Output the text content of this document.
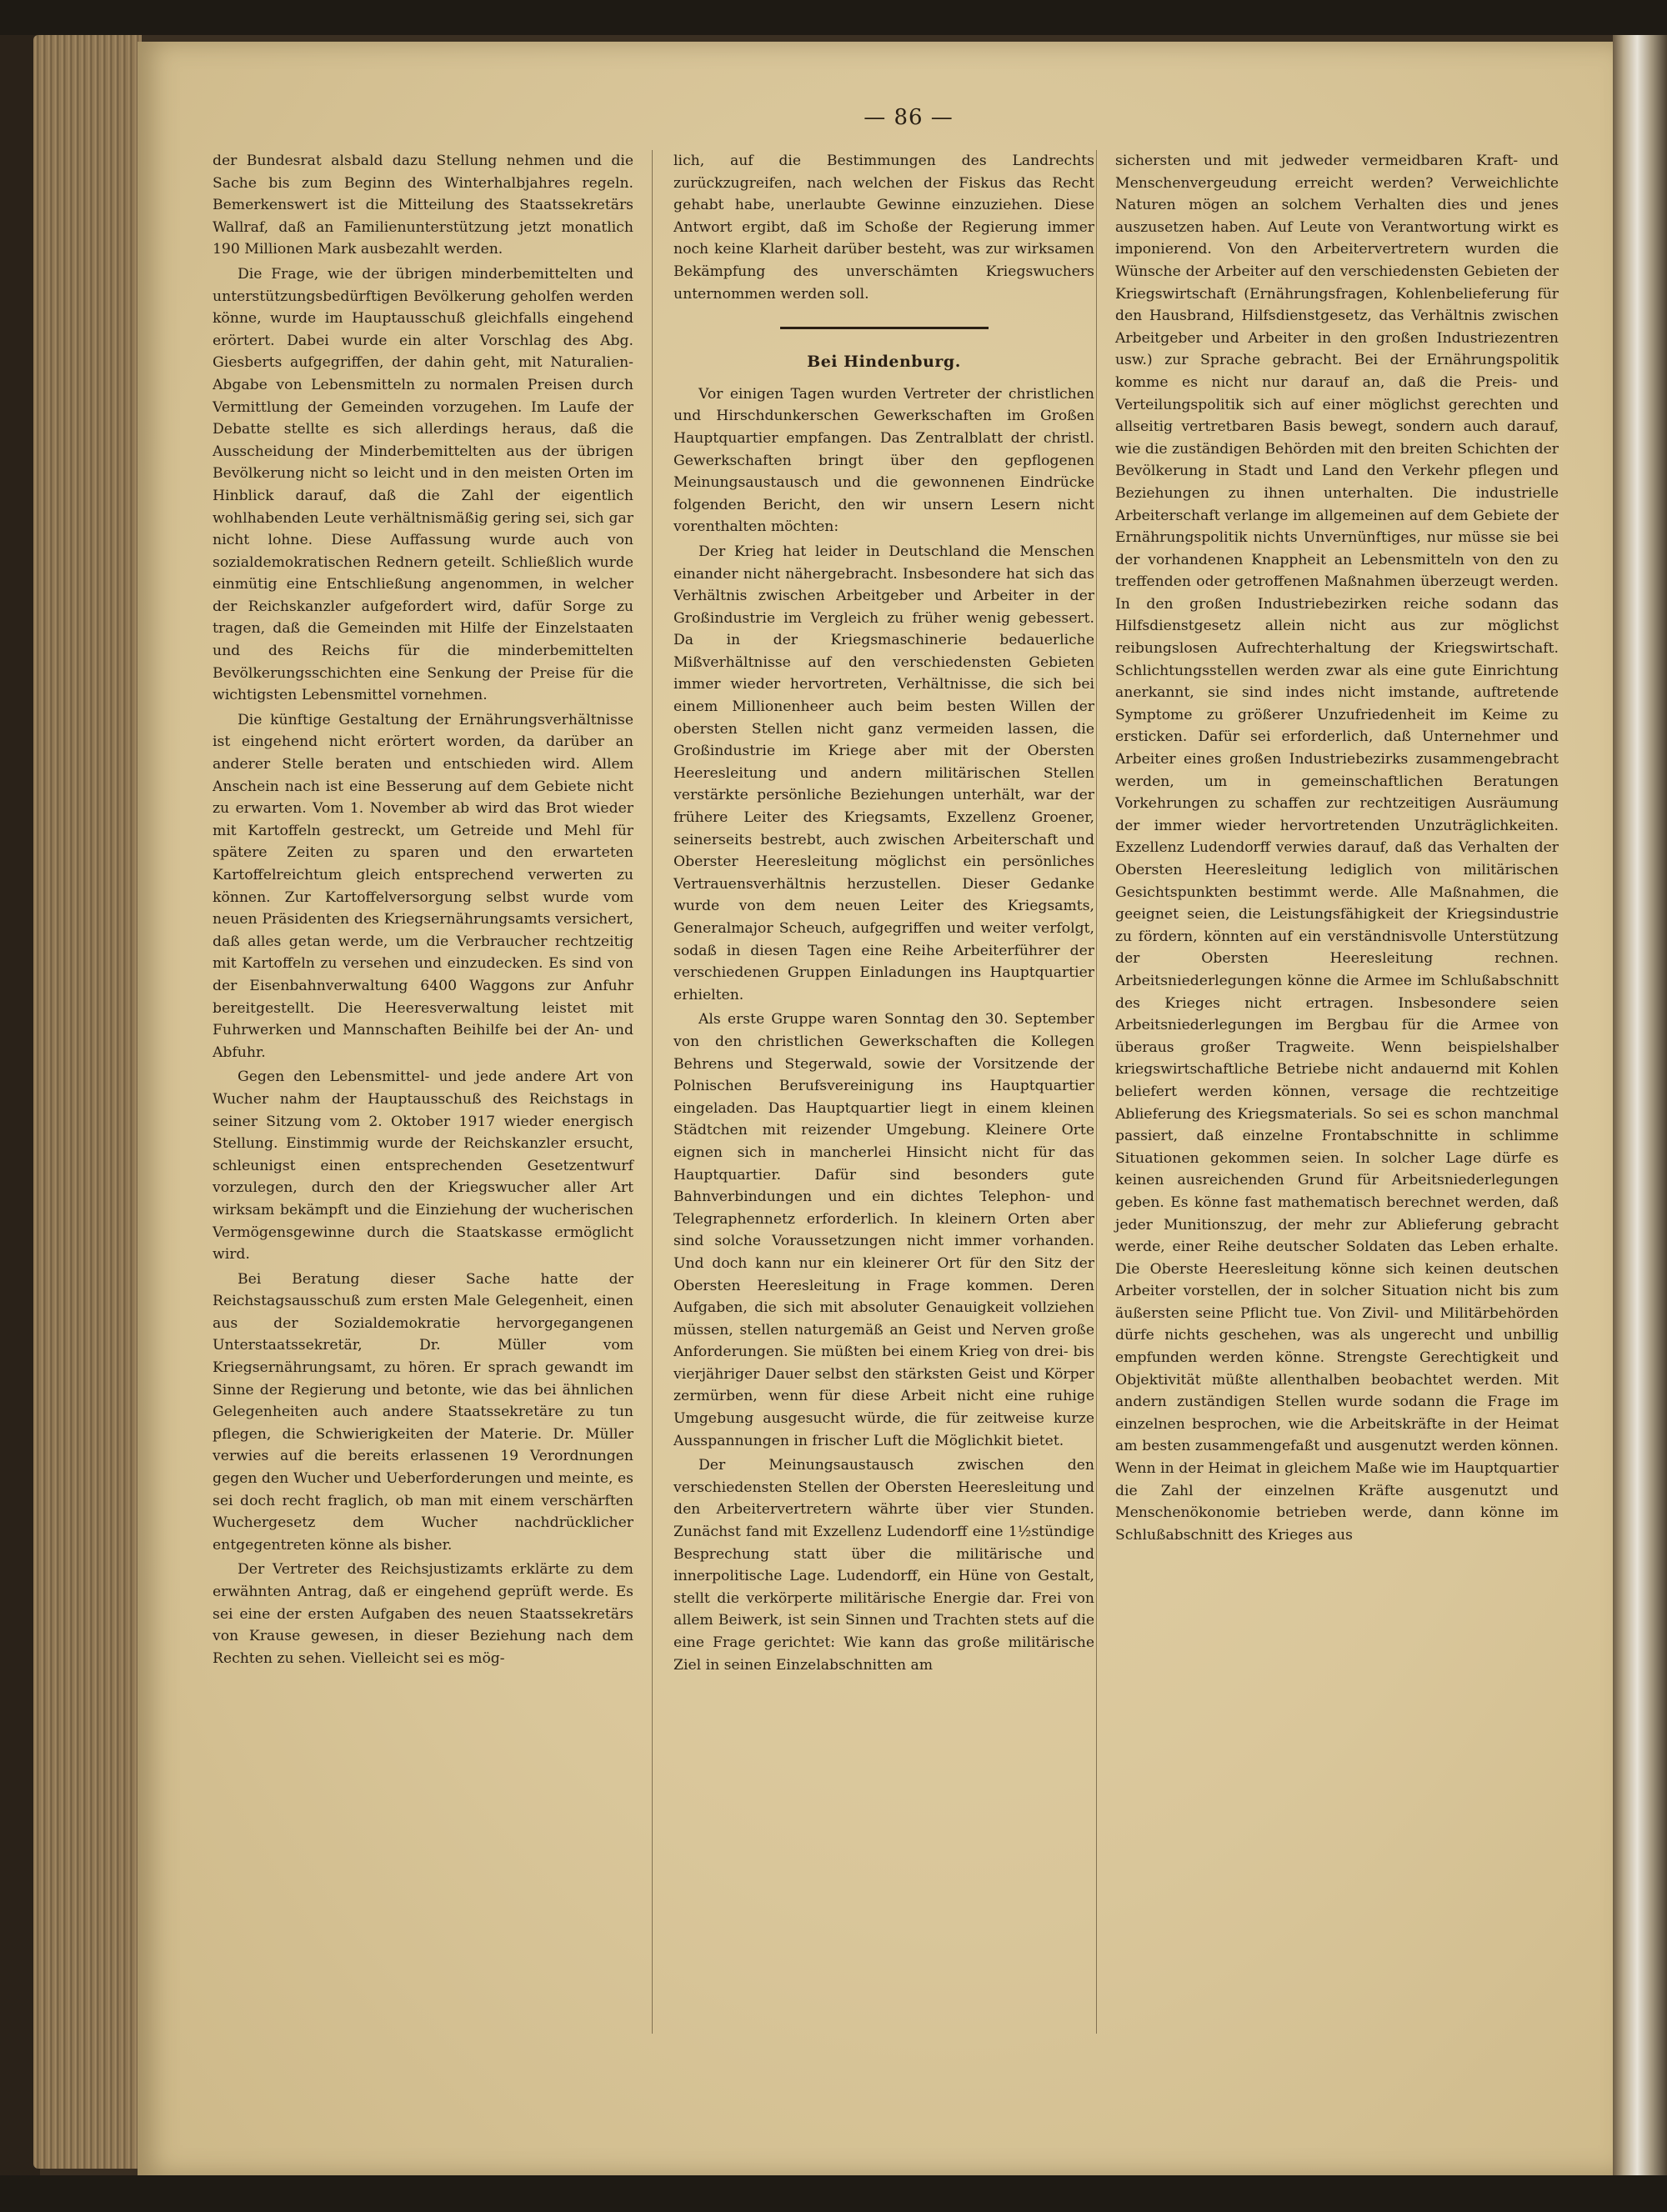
— 86 —

der Bundesrat alsbald dazu Stellung nehmen und die Sache bis zum Beginn des Winterhalbjahres regeln. Bemerkenswert ist die Mitteilung des Staatssekretärs Wallraf, daß an Familienunterstützung jetzt monatlich 190 Millionen Mark ausbezahlt werden.

Die Frage, wie der übrigen minderbemittelten und unterstützungsbedürftigen Bevölkerung geholfen werden könne, wurde im Hauptausschuß gleichfalls eingehend erörtert. Dabei wurde ein alter Vorschlag des Abg. Giesberts aufgegriffen, der dahin geht, mit Naturalien-Abgabe von Lebensmitteln zu normalen Preisen durch Vermittlung der Gemeinden vorzugehen. Im Laufe der Debatte stellte es sich allerdings heraus, daß die Ausscheidung der Minderbemittelten aus der übrigen Bevölkerung nicht so leicht und in den meisten Orten im Hinblick darauf, daß die Zahl der eigentlich wohlhabenden Leute verhältnismäßig gering sei, sich gar nicht lohne. Diese Auffassung wurde auch von sozialdemokratischen Rednern geteilt. Schließlich wurde einmütig eine Entschließung angenommen, in welcher der Reichskanzler aufgefordert wird, dafür Sorge zu tragen, daß die Gemeinden mit Hilfe der Einzelstaaten und des Reichs für die minderbemittelten Bevölkerungsschichten eine Senkung der Preise für die wichtigsten Lebensmittel vornehmen.

Die künftige Gestaltung der Ernährungsverhältnisse ist eingehend nicht erörtert worden, da darüber an anderer Stelle beraten und entschieden wird. Allem Anschein nach ist eine Besserung auf dem Gebiete nicht zu erwarten. Vom 1. November ab wird das Brot wieder mit Kartoffeln gestreckt, um Getreide und Mehl für spätere Zeiten zu sparen und den erwarteten Kartoffelreichtum gleich entsprechend verwerten zu können. Zur Kartoffelversorgung selbst wurde vom neuen Präsidenten des Kriegsernährungsamts versichert, daß alles getan werde, um die Verbraucher rechtzeitig mit Kartoffeln zu versehen und einzudecken. Es sind von der Eisenbahnverwaltung 6400 Waggons zur Anfuhr bereitgestellt. Die Heeresverwaltung leistet mit Fuhrwerken und Mannschaften Beihilfe bei der An- und Abfuhr.

Gegen den Lebensmittel- und jede andere Art von Wucher nahm der Hauptausschuß des Reichstags in seiner Sitzung vom 2. Oktober 1917 wieder energisch Stellung. Einstimmig wurde der Reichskanzler ersucht, schleunigst einen entsprechenden Gesetzentwurf vorzulegen, durch den der Kriegswucher aller Art wirksam bekämpft und die Einziehung der wucherischen Vermögensgewinne durch die Staatskasse ermöglicht wird.

Bei Beratung dieser Sache hatte der Reichstagsausschuß zum ersten Male Gelegenheit, einen aus der Sozialdemokratie hervorgegangenen Unterstaatssekretär, Dr. Müller vom Kriegsernährungsamt, zu hören. Er sprach gewandt im Sinne der Regierung und betonte, wie das bei ähnlichen Gelegenheiten auch andere Staatssekretäre zu tun pflegen, die Schwierigkeiten der Materie. Dr. Müller verwies auf die bereits erlassenen 19 Verordnungen gegen den Wucher und Ueberforderungen und meinte, es sei doch recht fraglich, ob man mit einem verschärften Wuchergesetz dem Wucher nachdrücklicher entgegentreten könne als bisher.

Der Vertreter des Reichsjustizamts erklärte zu dem erwähnten Antrag, daß er eingehend geprüft werde. Es sei eine der ersten Aufgaben des neuen Staatssekretärs von Krause gewesen, in dieser Beziehung nach dem Rechten zu sehen. Vielleicht sei es mög-

lich, auf die Bestimmungen des Landrechts zurückzugreifen, nach welchen der Fiskus das Recht gehabt habe, unerlaubte Gewinne einzuziehen. Diese Antwort ergibt, daß im Schoße der Regierung immer noch keine Klarheit darüber besteht, was zur wirksamen Bekämpfung des unverschämten Kriegswuchers unternommen werden soll.

Bei Hindenburg.

Vor einigen Tagen wurden Vertreter der christlichen und Hirschdunkerschen Gewerkschaften im Großen Hauptquartier empfangen. Das Zentralblatt der christl. Gewerkschaften bringt über den gepflogenen Meinungsaustausch und die gewonnenen Eindrücke folgenden Bericht, den wir unsern Lesern nicht vorenthalten möchten:

Der Krieg hat leider in Deutschland die Menschen einander nicht nähergebracht. Insbesondere hat sich das Verhältnis zwischen Arbeitgeber und Arbeiter in der Großindustrie im Vergleich zu früher wenig gebessert. Da in der Kriegsmaschinerie bedauerliche Mißverhältnisse auf den verschiedensten Gebieten immer wieder hervortreten, Verhältnisse, die sich bei einem Millionenheer auch beim besten Willen der obersten Stellen nicht ganz vermeiden lassen, die Großindustrie im Kriege aber mit der Obersten Heeresleitung und andern militärischen Stellen verstärkte persönliche Beziehungen unterhält, war der frühere Leiter des Kriegsamts, Exzellenz Groener, seinerseits bestrebt, auch zwischen Arbeiterschaft und Oberster Heeresleitung möglichst ein persönliches Vertrauensverhältnis herzustellen. Dieser Gedanke wurde von dem neuen Leiter des Kriegsamts, Generalmajor Scheuch, aufgegriffen und weiter verfolgt, sodaß in diesen Tagen eine Reihe Arbeiterführer der verschiedenen Gruppen Einladungen ins Hauptquartier erhielten.

Als erste Gruppe waren Sonntag den 30. September von den christlichen Gewerkschaften die Kollegen Behrens und Stegerwald, sowie der Vorsitzende der Polnischen Berufsvereinigung ins Hauptquartier eingeladen. Das Hauptquartier liegt in einem kleinen Städtchen mit reizender Umgebung. Kleinere Orte eignen sich in mancherlei Hinsicht nicht für das Hauptquartier. Dafür sind besonders gute Bahnverbindungen und ein dichtes Telephon- und Telegraphennetz erforderlich. In kleinern Orten aber sind solche Voraussetzungen nicht immer vorhanden. Und doch kann nur ein kleinerer Ort für den Sitz der Obersten Heeresleitung in Frage kommen. Deren Aufgaben, die sich mit absoluter Genauigkeit vollziehen müssen, stellen naturgemäß an Geist und Nerven große Anforderungen. Sie müßten bei einem Krieg von drei- bis vierjähriger Dauer selbst den stärksten Geist und Körper zermürben, wenn für diese Arbeit nicht eine ruhige Umgebung ausgesucht würde, die für zeitweise kurze Ausspannungen in frischer Luft die Möglichkit bietet.

Der Meinungsaustausch zwischen den verschiedensten Stellen der Obersten Heeresleitung und den Arbeitervertretern währte über vier Stunden. Zunächst fand mit Exzellenz Ludendorff eine 1½stündige Besprechung statt über die militärische und innerpolitische Lage. Ludendorff, ein Hüne von Gestalt, stellt die verkörperte militärische Energie dar. Frei von allem Beiwerk, ist sein Sinnen und Trachten stets auf die eine Frage gerichtet: Wie kann das große militärische Ziel in seinen Einzelabschnitten am

sichersten und mit jedweder vermeidbaren Kraft- und Menschenvergeudung erreicht werden? Verweichlichte Naturen mögen an solchem Verhalten dies und jenes auszusetzen haben. Auf Leute von Verantwortung wirkt es imponierend. Von den Arbeitervertretern wurden die Wünsche der Arbeiter auf den verschiedensten Gebieten der Kriegswirtschaft (Ernährungsfragen, Kohlenbelieferung für den Hausbrand, Hilfsdienstgesetz, das Verhältnis zwischen Arbeitgeber und Arbeiter in den großen Industriezentren usw.) zur Sprache gebracht. Bei der Ernährungspolitik komme es nicht nur darauf an, daß die Preis- und Verteilungspolitik sich auf einer möglichst gerechten und allseitig vertretbaren Basis bewegt, sondern auch darauf, wie die zuständigen Behörden mit den breiten Schichten der Bevölkerung in Stadt und Land den Verkehr pflegen und Beziehungen zu ihnen unterhalten. Die industrielle Arbeiterschaft verlange im allgemeinen auf dem Gebiete der Ernährungspolitik nichts Unvernünftiges, nur müsse sie bei der vorhandenen Knappheit an Lebensmitteln von den zu treffenden oder getroffenen Maßnahmen überzeugt werden. In den großen Industriebezirken reiche sodann das Hilfsdienstgesetz allein nicht aus zur möglichst reibungslosen Aufrechterhaltung der Kriegswirtschaft. Schlichtungsstellen werden zwar als eine gute Einrichtung anerkannt, sie sind indes nicht imstande, auftretende Symptome zu größerer Unzufriedenheit im Keime zu ersticken. Dafür sei erforderlich, daß Unternehmer und Arbeiter eines großen Industriebezirks zusammengebracht werden, um in gemeinschaftlichen Beratungen Vorkehrungen zu schaffen zur rechtzeitigen Ausräumung der immer wieder hervortretenden Unzuträglichkeiten. Exzellenz Ludendorff verwies darauf, daß das Verhalten der Obersten Heeresleitung lediglich von militärischen Gesichtspunkten bestimmt werde. Alle Maßnahmen, die geeignet seien, die Leistungsfähigkeit der Kriegsindustrie zu fördern, könnten auf ein verständnisvolle Unterstützung der Obersten Heeresleitung rechnen. Arbeitsniederlegungen könne die Armee im Schlußabschnitt des Krieges nicht ertragen. Insbesondere seien Arbeitsniederlegungen im Bergbau für die Armee von überaus großer Tragweite. Wenn beispielshalber kriegswirtschaftliche Betriebe nicht andauernd mit Kohlen beliefert werden können, versage die rechtzeitige Ablieferung des Kriegsmaterials. So sei es schon manchmal passiert, daß einzelne Frontabschnitte in schlimme Situationen gekommen seien. In solcher Lage dürfe es keinen ausreichenden Grund für Arbeitsniederlegungen geben. Es könne fast mathematisch berechnet werden, daß jeder Munitionszug, der mehr zur Ablieferung gebracht werde, einer Reihe deutscher Soldaten das Leben erhalte. Die Oberste Heeresleitung könne sich keinen deutschen Arbeiter vorstellen, der in solcher Situation nicht bis zum äußersten seine Pflicht tue. Von Zivil- und Militärbehörden dürfe nichts geschehen, was als ungerecht und unbillig empfunden werden könne. Strengste Gerechtigkeit und Objektivität müßte allenthalben beobachtet werden. Mit andern zuständigen Stellen wurde sodann die Frage im einzelnen besprochen, wie die Arbeitskräfte in der Heimat am besten zusammengefaßt und ausgenutzt werden können. Wenn in der Heimat in gleichem Maße wie im Hauptquartier die Zahl der einzelnen Kräfte ausgenutzt und Menschenökonomie betrieben werde, dann könne im Schlußabschnitt des Krieges aus
